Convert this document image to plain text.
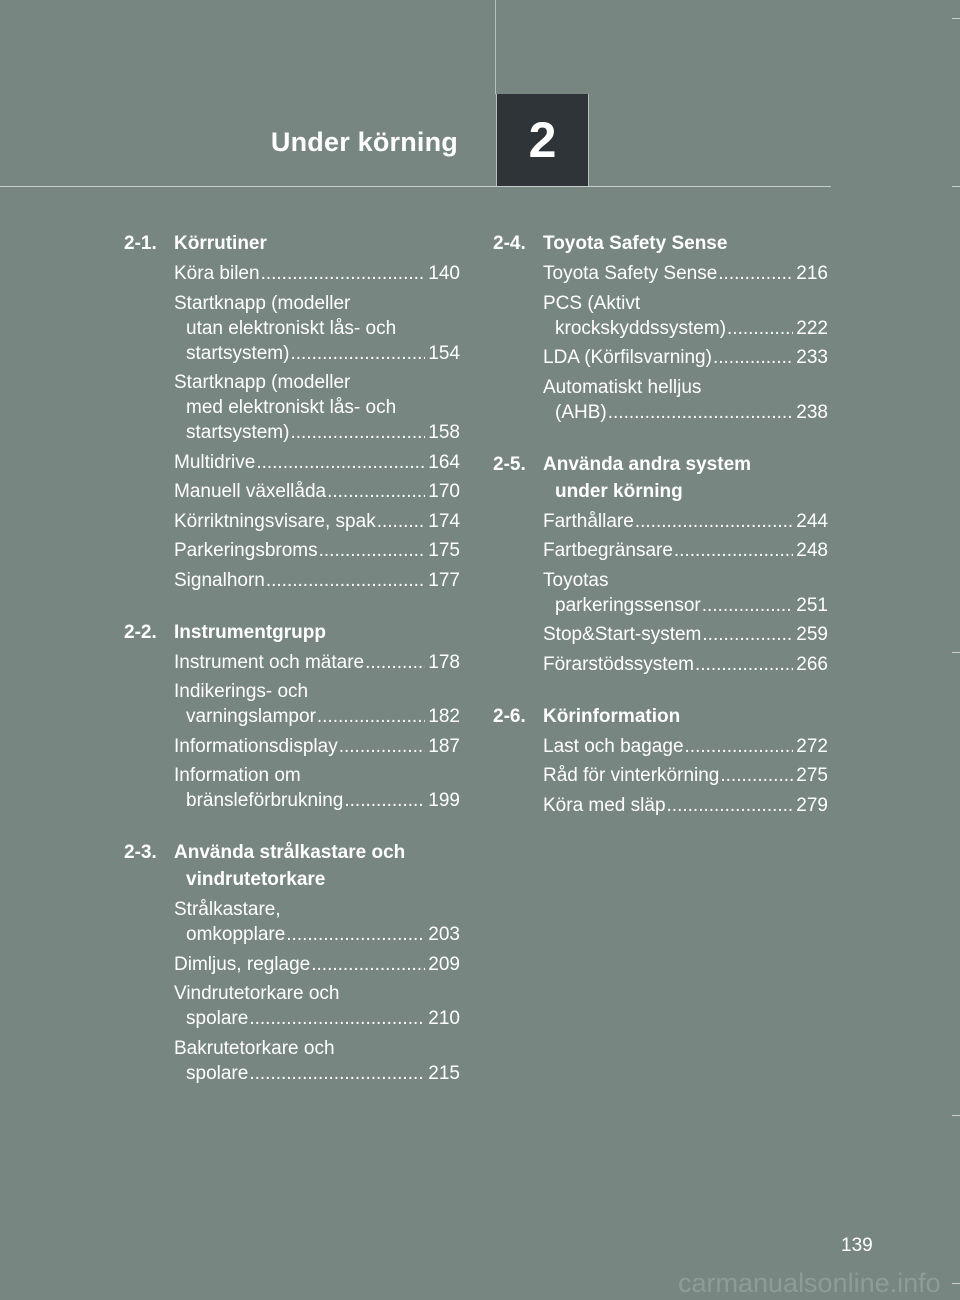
Under körning 2
2-1. Körrutiner
Köra bilen .....	140
Startknapp (modeller
utan elektroniskt lås- och
startsystem) .....	154
Startknapp (modeller
med elektroniskt lås- och
startsystem) .....	158
Multidrive .....	164
Manuell växellåda .....	170
Körriktningsvisare, spak .....	174
Parkeringsbroms .....	175
Signalhorn .....	177
2-2. Instrumentgrupp
Instrument och mätare .....	178
Indikerings- och
varningslampor .....	182
Informationsdisplay .....	187
Information om
bränsleförbrukning .....	199
2-3. Använda strålkastare och
vindrutetorkare
Strålkastare,
omkopplare .....	203
Dimljus, reglage .....	209
Vindrutetorkare och
spolare .....	210
Bakrutetorkare och
spolare .....	215
2-4. Toyota Safety Sense
Toyota Safety Sense .....	216
PCS (Aktivt
krockskyddssystem) .....	222
LDA (Körfilsvarning) .....	233
Automatiskt helljus
(AHB) .....	238
2-5. Använda andra system
under körning
Farthållare .....	244
Fartbegränsare .....	248
Toyotas
parkeringssensor .....	251
Stop&Start-system .....	259
Förarstödssystem .....	266
2-6. Körinformation
Last och bagage .....	272
Råd för vinterkörning .....	275
Köra med släp .....	279
139
carmanualsonline.info
